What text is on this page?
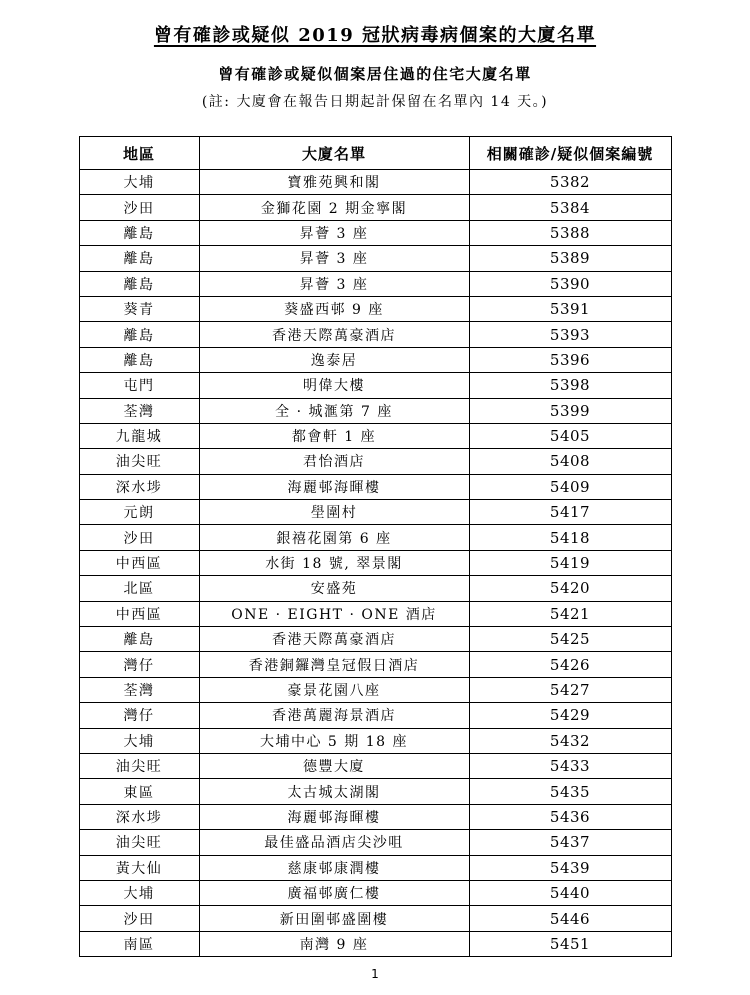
曾有確診或疑似 2019 冠狀病毒病個案的大廈名單
曾有確診或疑似個案居住過的住宅大廈名單
(註: 大廈會在報告日期起計保留在名單內 14 天。)
地區	大廈名單	相關確診/疑似個案編號
大埔	寶雅苑興和閣	5382
沙田	金獅花園 2 期金寧閣	5384
離島	昇薈 3 座	5388
離島	昇薈 3 座	5389
離島	昇薈 3 座	5390
葵青	葵盛西邨 9 座	5391
離島	香港天際萬豪酒店	5393
離島	逸泰居	5396
屯門	明偉大樓	5398
荃灣	全 · 城滙第 7 座	5399
九龍城	都會軒 1 座	5405
油尖旺	君怡酒店	5408
深水埗	海麗邨海暉樓	5409
元朗	壆圍村	5417
沙田	銀禧花園第 6 座	5418
中西區	水街 18 號, 翠景閣	5419
北區	安盛苑	5420
中西區	ONE · EIGHT · ONE 酒店	5421
離島	香港天際萬豪酒店	5425
灣仔	香港銅鑼灣皇冠假日酒店	5426
荃灣	豪景花園八座	5427
灣仔	香港萬麗海景酒店	5429
大埔	大埔中心 5 期 18 座	5432
油尖旺	德豐大廈	5433
東區	太古城太湖閣	5435
深水埗	海麗邨海暉樓	5436
油尖旺	最佳盛品酒店尖沙咀	5437
黃大仙	慈康邨康潤樓	5439
大埔	廣福邨廣仁樓	5440
沙田	新田圍邨盛圍樓	5446
南區	南灣 9 座	5451
1
